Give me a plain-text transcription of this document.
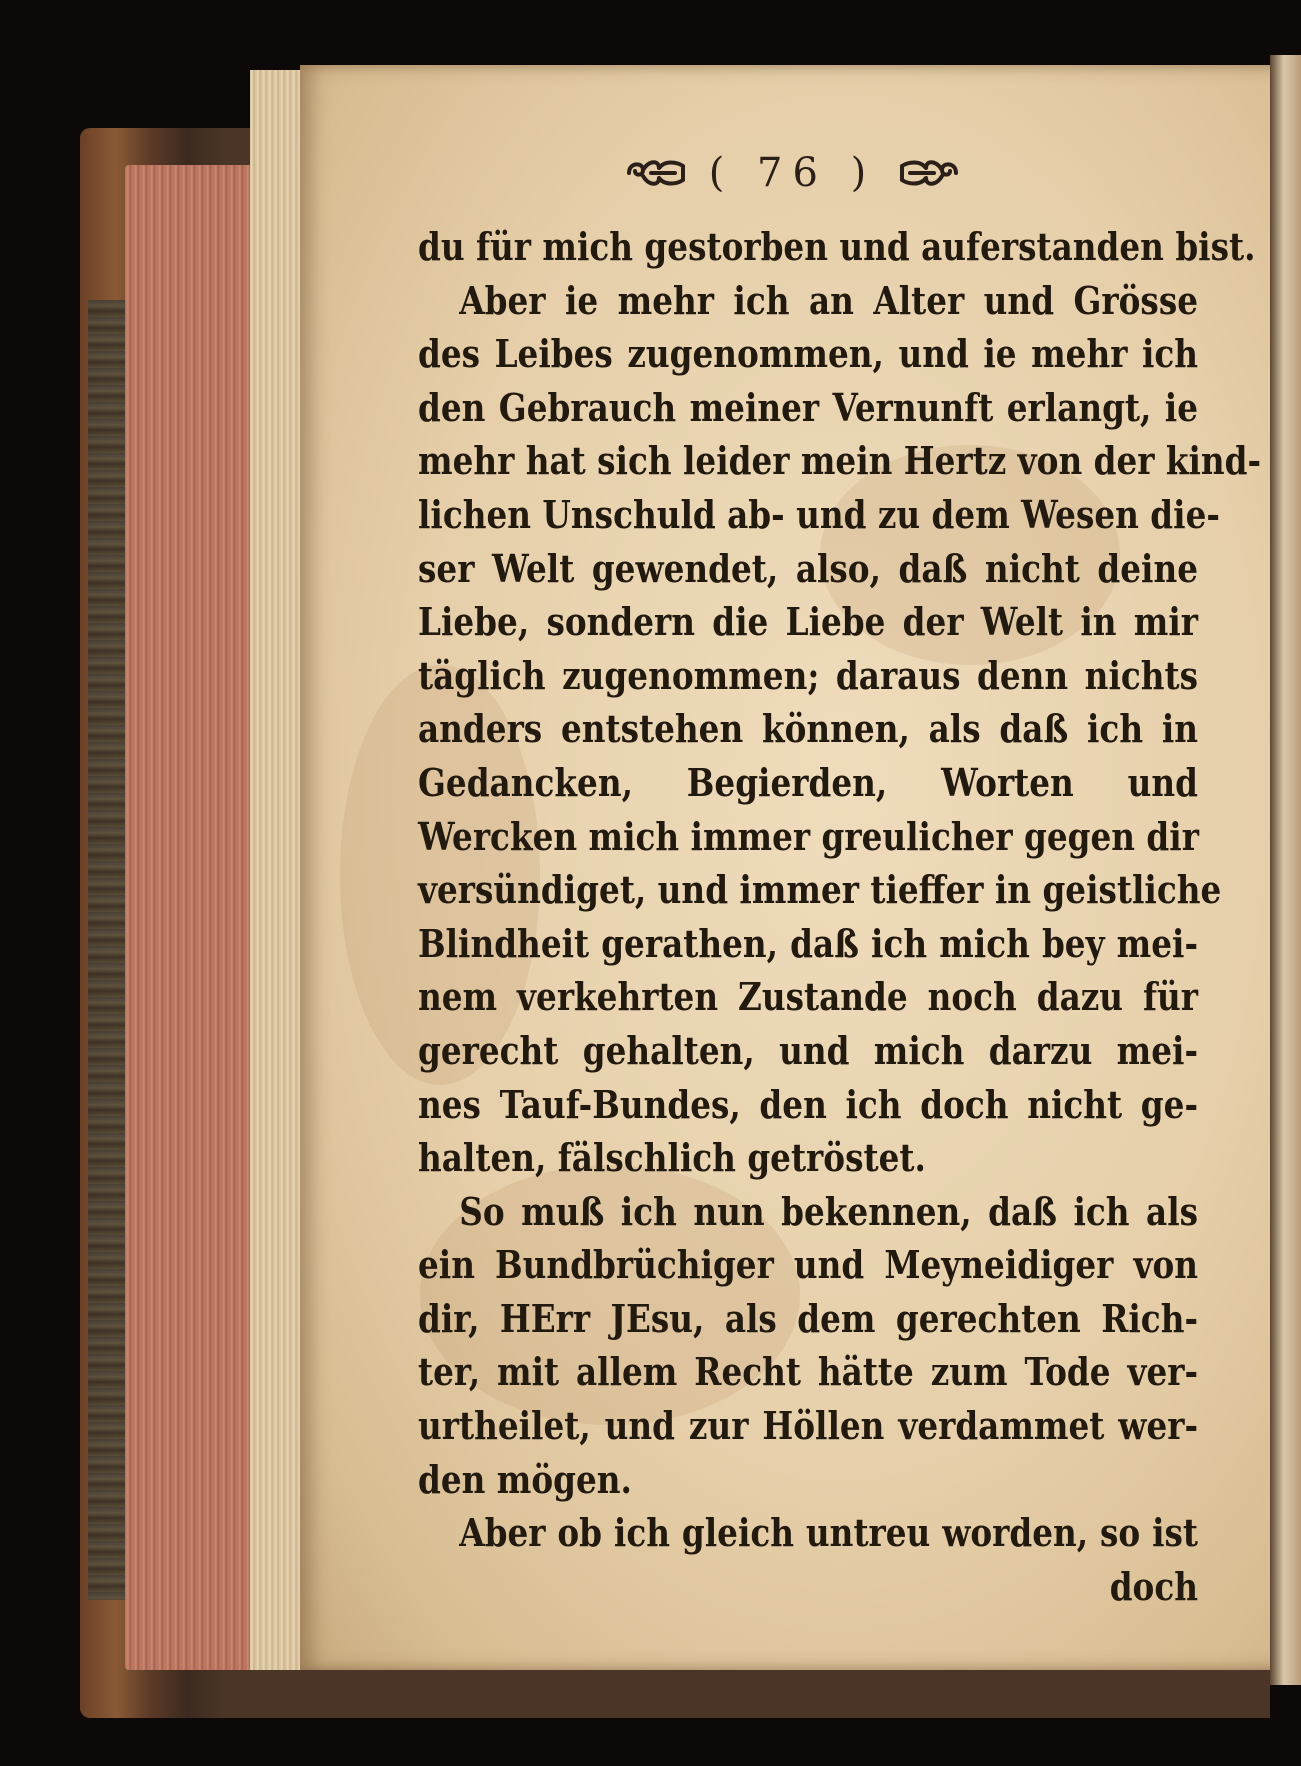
( 76 )
du für mich gestorben und auferstanden bist.
Aber ie mehr ich an Alter und Grösse
des Leibes zugenommen, und ie mehr ich
den Gebrauch meiner Vernunft erlangt, ie
mehr hat sich leider mein Hertz von der kind-
lichen Unschuld ab- und zu dem Wesen die-
ser Welt gewendet, also, daß nicht deine
Liebe, sondern die Liebe der Welt in mir
täglich zugenommen; daraus denn nichts
anders entstehen können, als daß ich in
Gedancken, Begierden, Worten und
Wercken mich immer greulicher gegen dir
versündiget, und immer tieffer in geistliche
Blindheit gerathen, daß ich mich bey mei-
nem verkehrten Zustande noch dazu für
gerecht gehalten, und mich darzu mei-
nes Tauf-Bundes, den ich doch nicht ge-
halten, fälschlich getröstet.
So muß ich nun bekennen, daß ich als
ein Bundbrüchiger und Meyneidiger von
dir, HErr JEsu, als dem gerechten Rich-
ter, mit allem Recht hätte zum Tode ver-
urtheilet, und zur Höllen verdammet wer-
den mögen.
Aber ob ich gleich untreu worden, so ist
doch
